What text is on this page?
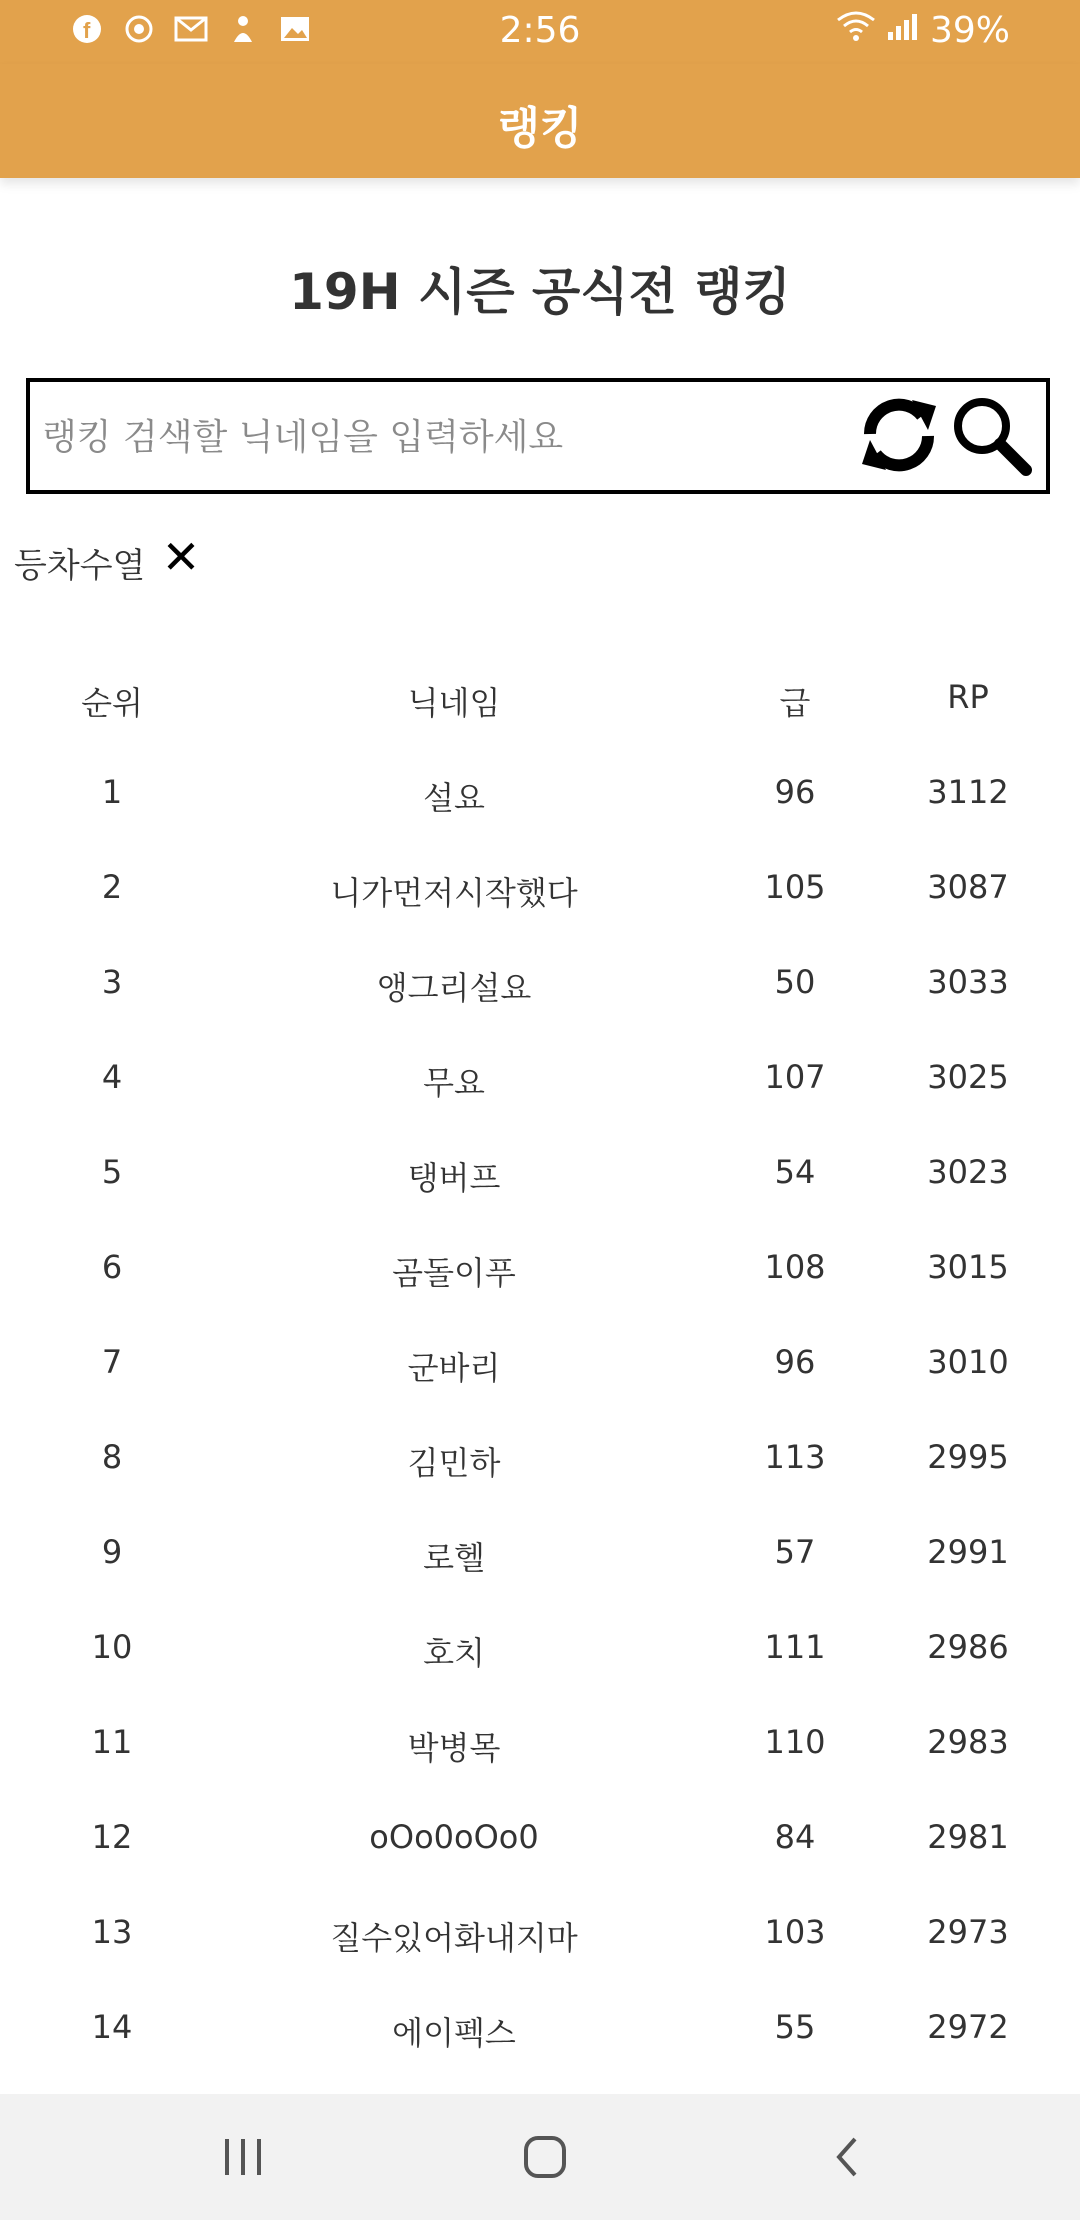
f	2:56	39%
랭킹
19H 시즌 공식전 랭킹
랭킹 검색할 닉네임을 입력하세요
등차수열 ✕
순위	닉네임	급	RP
1	설요	96	3112
2	니가먼저시작했다	105	3087
3	앵그리설요	50	3033
4	무요	107	3025
5	탱버프	54	3023
6	곰돌이푸	108	3015
7	군바리	96	3010
8	김민하	113	2995
9	로헬	57	2991
10	호치	111	2986
11	박병목	110	2983
12	oOo0oOo0	84	2981
13	질수있어화내지마	103	2973
14	에이펙스	55	2972
